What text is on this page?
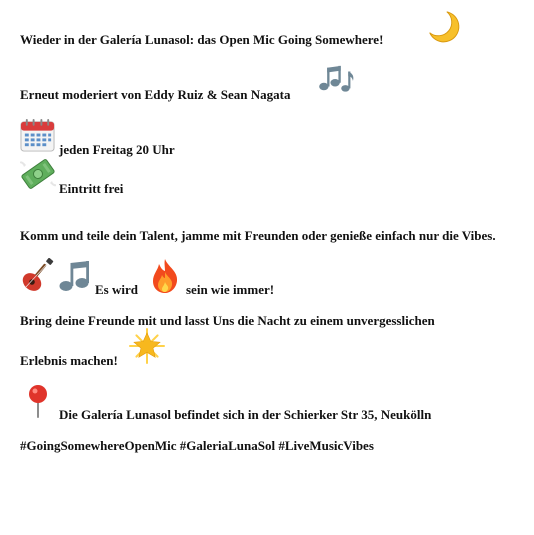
Wieder in der Galería Lunasol: das Open Mic Going Somewhere!
Erneut moderiert von Eddy Ruiz & Sean Nagata
jeden Freitag 20 Uhr
Eintritt frei
Komm und teile dein Talent, jamme mit Freunden oder genieße einfach nur die Vibes.
Es wird	sein wie immer!
Bring deine Freunde mit und lasst Uns die Nacht zu einem unvergesslichen
Erlebnis machen!
Die Galería Lunasol befindet sich in der Schierker Str 35, Neukölln
#GoingSomewhereOpenMic #GaleriaLunaSol #LiveMusicVibes
